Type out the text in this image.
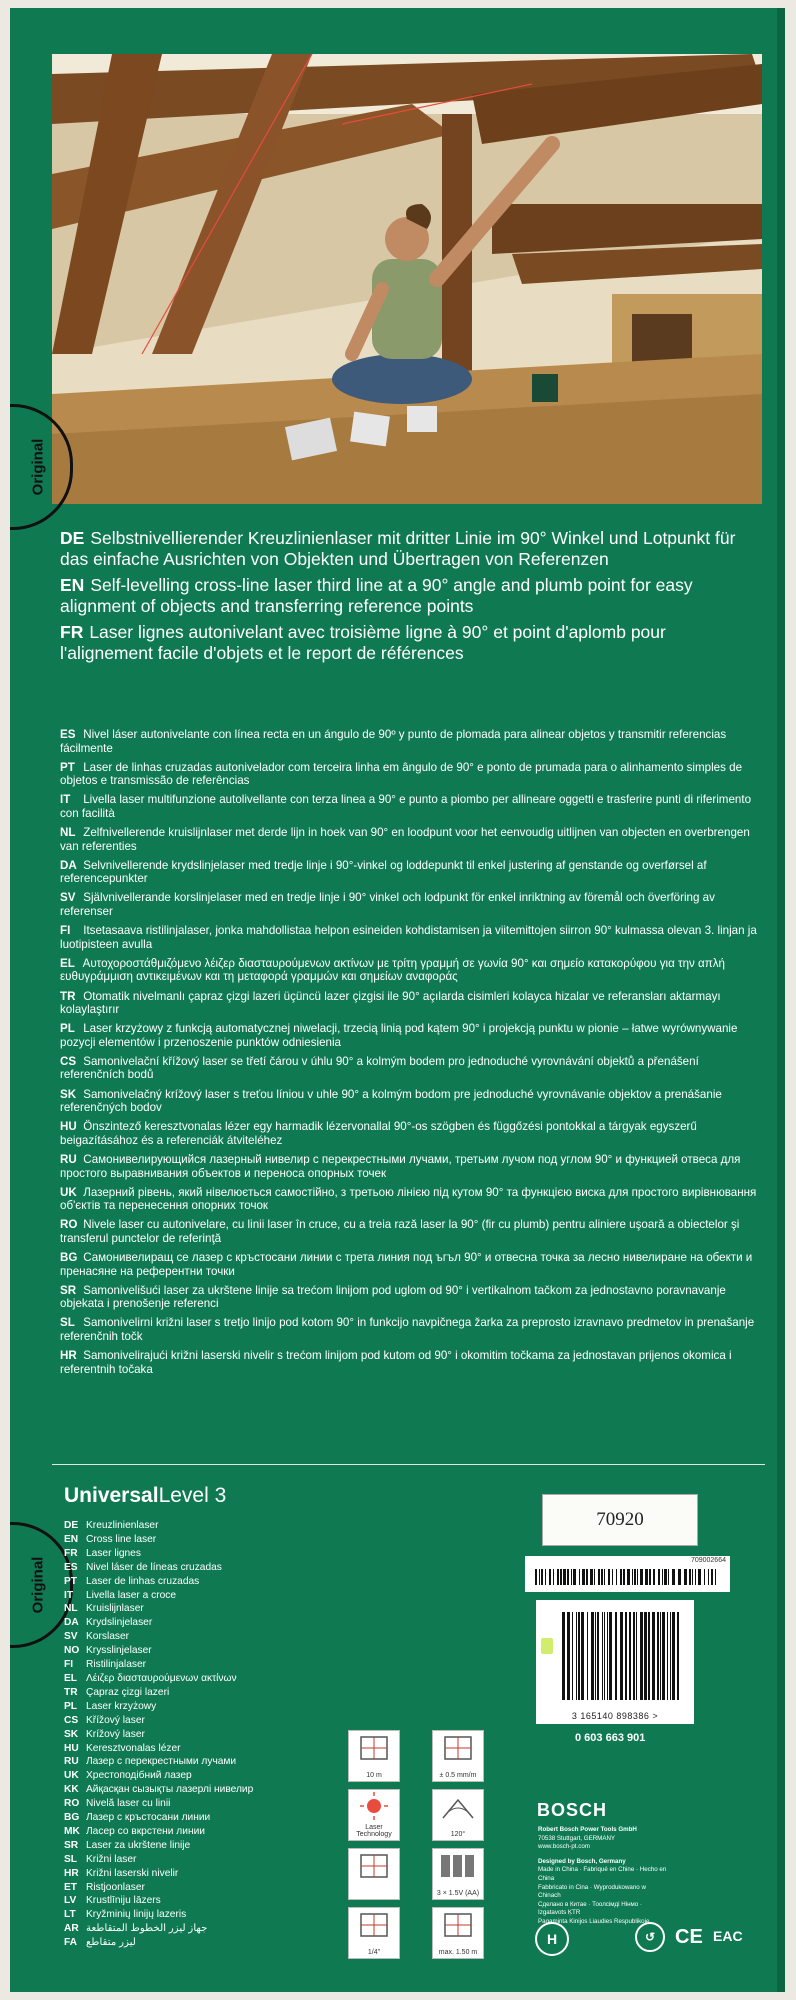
Original
DE Selbstnivellierender Kreuzlinienlaser mit dritter Linie im 90° Winkel und Lotpunkt für das einfache Ausrichten von Objekten und Übertragen von Referenzen
EN Self-levelling cross-line laser third line at a 90° angle and plumb point for easy alignment of objects and transferring reference points
FR Laser lignes autonivelant avec troisième ligne à 90° et point d'aplomb pour l'alignement facile d'objets et le report de références
ES Nivel láser autonivelante con línea recta en un ángulo de 90º y punto de plomada para alinear objetos y transmitir referencias fácilmente
PT Laser de linhas cruzadas autonivelador com terceira linha em ângulo de 90° e ponto de prumada para o alinhamento simples de objetos e transmissão de referências
IT Livella laser multifunzione autolivellante con terza linea a 90° e punto a piombo per allineare oggetti e trasferire punti di riferimento con facilità
NL Zelfnivellerende kruislijnlaser met derde lijn in hoek van 90° en loodpunt voor het eenvoudig uitlijnen van objecten en overbrengen van referenties
DA Selvnivellerende krydslinjelaser med tredje linje i 90°-vinkel og loddepunkt til enkel justering af genstande og overførsel af referencepunkter
SV Självnivellerande korslinjelaser med en tredje linje i 90° vinkel och lodpunkt för enkel inriktning av föremål och överföring av referenser
FI Itsetasaava ristilinjalaser, jonka mahdollistaa helpon esineiden kohdistamisen ja viitemittojen siirron 90° kulmassa olevan 3. linjan ja luotipisteen avulla
EL Αυτοχοροστάθμιζόμενο λέιζερ διασταυρούμενων ακτίνων με τρίτη γραμμή σε γωνία 90° και σημείο κατακορύφου για την απλή ευθυγράμμιση αντικειμένων και τη μεταφορά γραμμών και σημείων αναφοράς
TR Otomatik nivelmanlı çapraz çizgi lazeri üçüncü lazer çizgisi ile 90° açılarda cisimleri kolayca hizalar ve referansları aktarmayı kolaylaştırır
PL Laser krzyżowy z funkcją automatycznej niwelacji, trzecią linią pod kątem 90° i projekcją punktu w pionie – łatwe wyrównywanie pozycji elementów i przenoszenie punktów odniesienia
CS Samonivelační křížový laser se třetí čárou v úhlu 90° a kolmým bodem pro jednoduché vyrovnávání objektů a přenášení referenčních bodů
SK Samonivelačný krížový laser s treťou líniou v uhle 90° a kolmým bodom pre jednoduché vyrovnávanie objektov a prenášanie referenčných bodov
HU Önszintező keresztvonalas lézer egy harmadik lézervonallal 90°-os szögben és függőzési pontokkal a tárgyak egyszerű beigazításához és a referenciák átviteléhez
RU Самонивелирующийся лазерный нивелир с перекрестными лучами, третьим лучом под углом 90° и функцией отвеса для простого выравнивания объектов и переноса опорных точек
UK Лазерний рівень, який нівелюється самостійно, з третьою лінією під кутом 90° та функцією виска для простого вирівнювання об'єктів та перенесення опорних точок
RO Nivele laser cu autonivelare, cu linii laser în cruce, cu a treia rază laser la 90° (fir cu plumb) pentru aliniere uşoară a obiectelor şi transferul punctelor de referinţă
BG Самонивелиращ се лазер с кръстосани линии с трета линия под ъгъл 90° и отвесна точка за лесно нивелиране на обекти и пренасяне на референтни точки
SR Samonivelišući laser za ukrštene linije sa trećom linijom pod uglom od 90° i vertikalnom tačkom za jednostavno poravnavanje objekata i prenošenje referenci
SL Samonivelirni križni laser s tretjo linijo pod kotom 90° in funkcijo navpičnega žarka za preprosto izravnavo predmetov in prenašanje referenčnih točk
HR Samonivelirajući križni laserski nivelir s trećom linijom pod kutom od 90° i okomitim točkama za jednostavan prijenos okomica i referentnih točaka
UniversalLevel 3
Original
DE Kreuzlinienlaser
EN Cross line laser
FR Laser lignes
ES Nivel láser de líneas cruzadas
PT Laser de linhas cruzadas
IT Livella laser a croce
NL Kruislijnlaser
DA Krydslinjelaser
SV Korslaser
NO Krysslinjelaser
FI Ristilinjalaser
EL Λέιζερ διασταυρούμενων ακτίνων
TR Çapraz çizgi lazeri
PL Laser krzyżowy
CS Křížový laser
SK Krížový laser
HU Keresztvonalas lézer
RU Лазер с перекрестными лучами
UK Хрестоподібний лазер
KK Айқасқан сызықты лазерлі нивелир
RO Nivelă laser cu linii
BG Лазер с кръстосани линии
MK Ласер со вкрстени линии
SR Laser za ukrštene linije
SL Križni laser
HR Križni laserski nivelir
ET Ristjoonlaser
LV Krustlīniju lāzers
LT Kryžminių linijų lazeris
AR جهاز ليزر الخطوط المتقاطعة
FA لیزر متقاطع
70920
709002664
3 165140 898386 >
0 603 663 901
10 m	± 0.5 mm/m
Laser Technology	120°
3 × 1.5V (AA)
1/4"	max. 1.50 m
BOSCH
Robert Bosch Power Tools GmbH
70538 Stuttgart, GERMANY
www.bosch-pt.com
Designed by Bosch, Germany
Made in China · Fabriqué en Chine · Hecho en China
Fabbricato in Cina · Wyprodukowano w Chinach
Сделано в Китае · Тоолсімді Нінмо · Izgatavots ĶTR
Pagaminta Kinijos Liaudies Respublikoje
H	↺ CE EAC
